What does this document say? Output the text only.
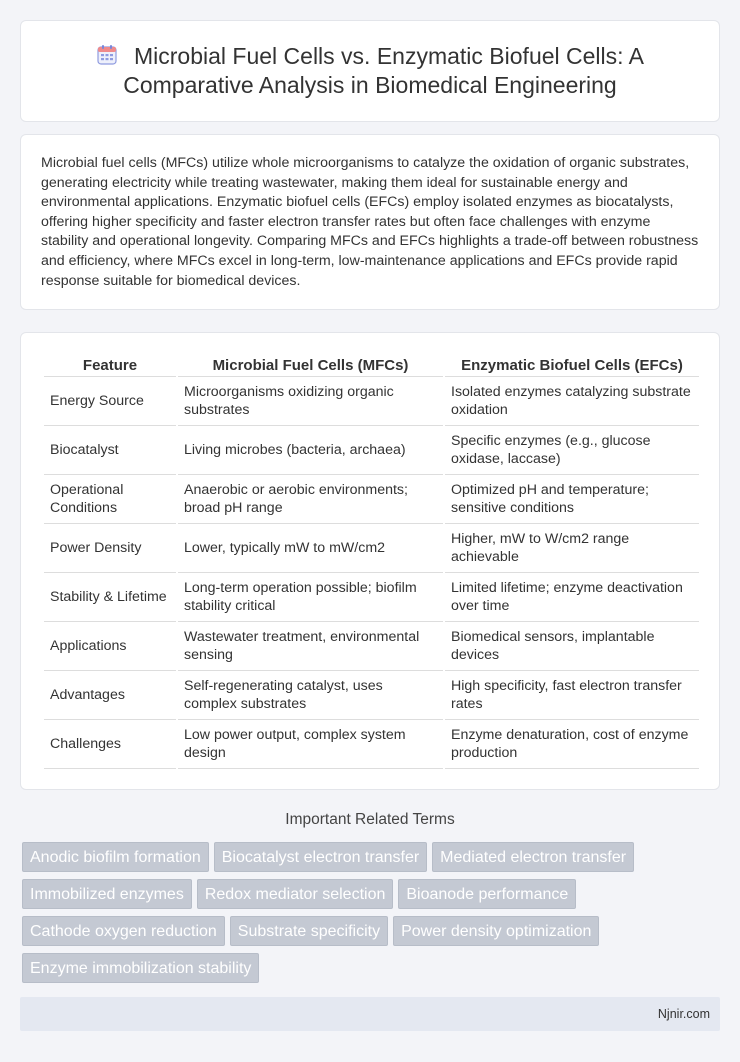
Microbial Fuel Cells vs. Enzymatic Biofuel Cells: A Comparative Analysis in Biomedical Engineering

Microbial fuel cells (MFCs) utilize whole microorganisms to catalyze the oxidation of organic substrates, generating electricity while treating wastewater, making them ideal for sustainable energy and environmental applications. Enzymatic biofuel cells (EFCs) employ isolated enzymes as biocatalysts, offering higher specificity and faster electron transfer rates but often face challenges with enzyme stability and operational longevity. Comparing MFCs and EFCs highlights a trade-off between robustness and efficiency, where MFCs excel in long-term, low-maintenance applications and EFCs provide rapid response suitable for biomedical devices.

Feature	Microbial Fuel Cells (MFCs)	Enzymatic Biofuel Cells (EFCs)
Energy Source	Microorganisms oxidizing organic substrates	Isolated enzymes catalyzing substrate oxidation
Biocatalyst	Living microbes (bacteria, archaea)	Specific enzymes (e.g., glucose oxidase, laccase)
Operational Conditions	Anaerobic or aerobic environments; broad pH range	Optimized pH and temperature; sensitive conditions
Power Density	Lower, typically mW to mW/cm2	Higher, mW to W/cm2 range achievable
Stability & Lifetime	Long-term operation possible; biofilm stability critical	Limited lifetime; enzyme deactivation over time
Applications	Wastewater treatment, environmental sensing	Biomedical sensors, implantable devices
Advantages	Self-regenerating catalyst, uses complex substrates	High specificity, fast electron transfer rates
Challenges	Low power output, complex system design	Enzyme denaturation, cost of enzyme production
Important Related Terms
Anodic biofilm formation	Biocatalyst electron transfer	Mediated electron transfer
Immobilized enzymes	Redox mediator selection	Bioanode performance
Cathode oxygen reduction	Substrate specificity	Power density optimization
Enzyme immobilization stability
Njnir.com
